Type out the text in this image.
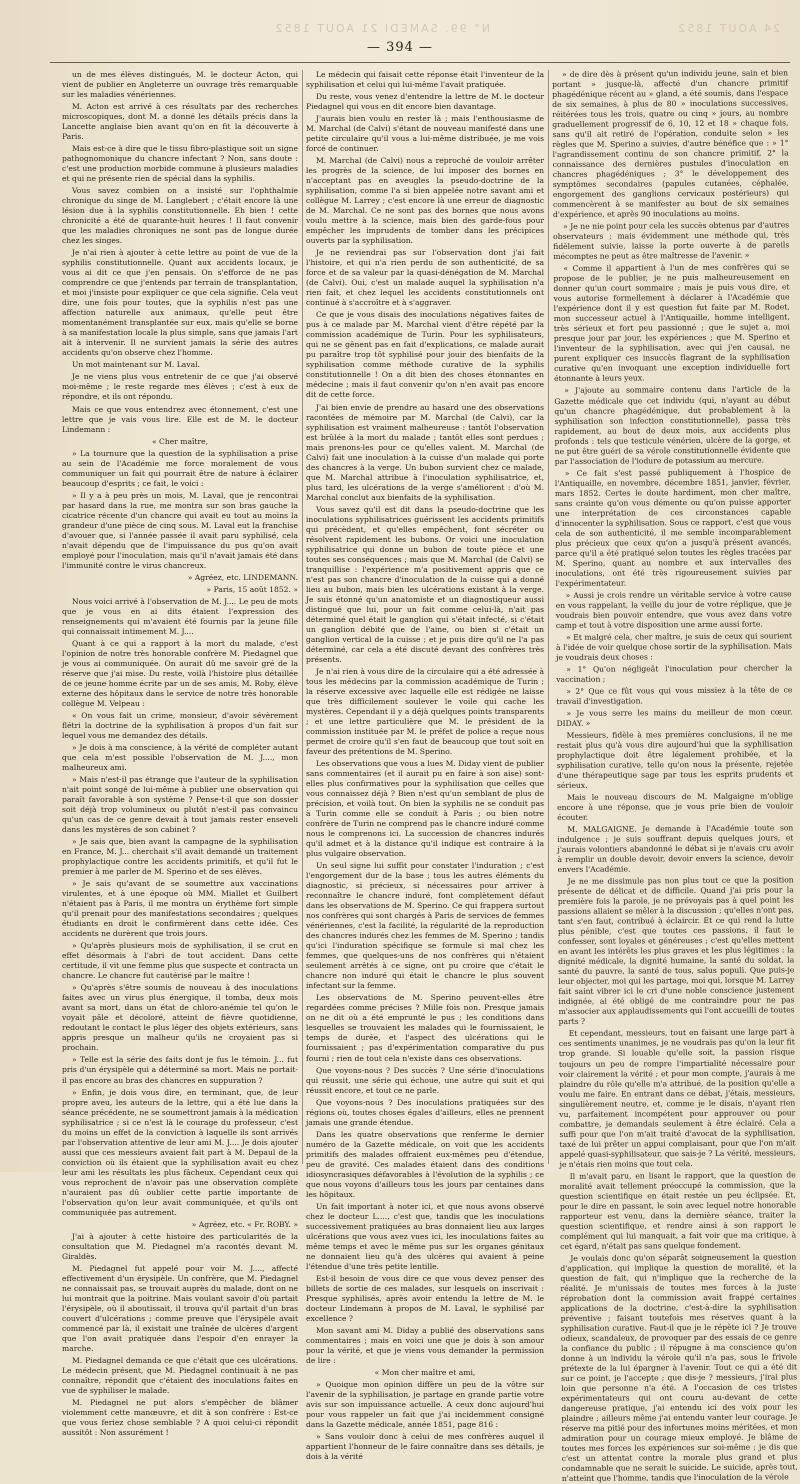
N° 99. SAMEDI 21 AOUT 1852	24 AOUT 1852
— 394 —

un de mes élèves distingués, M. le docteur Acton, qui vient de publier en Angleterre un ouvrage très remarquable sur les maladies vénériennes.

M. Acton est arrivé à ces résultats par des recherches microscopiques, dont M. a donné les détails précis dans la Lancette anglaise bien avant qu'on en fit la découverte à Paris.

Mais est-ce à dire que le tissu fibro-plastique soit un signe pathognomonique du chancre infectant ? Non, sans doute : c'est une production morbide commune à plusieurs maladies et qui ne présente rien de spécial dans la syphilis.

Vous savez combien on a insisté sur l'ophthalmie chronique du singe de M. Langlebert ; c'était encore là une lésion due à la syphilis constitutionnelle. Eh bien ! cette chronicité a été de quarante-huit heures ! Il faut convenir que les maladies chroniques ne sont pas de longue durée chez les singes.

Je n'ai rien à ajouter à cette lettre au point de vue de la syphilis constitutionnelle. Quant aux accidents locaux, je vous ai dit ce que j'en pensais. On s'efforce de ne pas comprendre ce que j'entends par terrain de transplantation, et moi j'insiste pour expliquer ce que cela signifie. Cela veut dire, une fois pour toutes, que la syphilis n'est pas une affection naturelle aux animaux, qu'elle peut être momentanément transplantée sur eux, mais qu'elle se borne à sa manifestation locale la plus simple, sans que jamais l'art ait à intervenir. Il ne survient jamais la série des autres accidents qu'on observe chez l'homme.

Un mot maintenant sur M. Laval.

Je ne viens plus vous entretenir de ce que j'ai observé moi-même ; le reste regarde mes élèves ; c'est à eux de répondre, et ils ont répondu.

Mais ce que vous entendrez avec étonnement, c'est une lettre que je vais vous lire. Elle est de M. le docteur Lindemann :

« Cher maître,

» La tournure que la question de la syphilisation a prise au sein de l'Académie me force moralement de vous communiquer un fait qui pourrait être de nature à éclairer beaucoup d'esprits ; ce fait, le voici :

» Il y a à peu près un mois, M. Laval, que je rencontrai par hasard dans la rue, me montra sur son bras gauche la cicatrice récente d'un chancre qui avait eu tout au moins la grandeur d'une pièce de cinq sous. M. Laval eut la franchise d'avouer que, si l'année passée il avait paru syphilisé, cela n'avait dépendu que de l'impuissance du pus qu'on avait employé pour l'inoculation, mais qu'il n'avait jamais été dans l'immunité contre le virus chancreux.

» Agréez, etc. LINDEMANN.

» Paris, 15 août 1852. »

Nous voici arrivé à l'observation de M. J.... Le peu de mots que je vous en ai dits étaient l'expression des renseignements qui m'avaient été fournis par la jeune fille qui connaissait intimement M. J....

Quant à ce qui a rapport à la mort du malade, c'est l'opinion de notre très honorable confrère M. Piedagnel que je vous ai communiquée. On aurait dû me savoir gré de la réserve que j'ai mise. Du reste, voilà l'histoire plus détaillée de ce jeune homme écrite par un de ses amis, M. Roby, élève externe des hôpitaux dans le service de notre très honorable collègue M. Velpeau :

« On vous fait un crime, monsieur, d'avoir sévèrement flétri la doctrine de la syphilisation à propos d'un fait sur lequel vous me demandez des détails.

» Je dois à ma conscience, à la vérité de compléter autant que cela m'est possible l'observation de M. J...., mon malheureux ami.

» Mais n'est-il pas étrange que l'auteur de la syphilisation n'ait point songé de lui-même à publier une observation qui paraît favorable à son système ? Pense-t-il que son dossier soit déjà trop volumineux ou plutôt n'est-il pas convaincu qu'un cas de ce genre devait à tout jamais rester enseveli dans les mystères de son cabinet ?

» Je sais que, bien avant la campagne de la syphilisation en France, M. J... cherchait s'il avait demandé un traitement prophylactique contre les accidents primitifs, et qu'il fut le premier à me parler de M. Sperino et de ses élèves.

» Je sais qu'avant de se soumettre aux vaccinations virulentes, et à une époque où MM. Miallet et Guilbert n'étaient pas à Paris, il me montra un érythème fort simple qu'il prenait pour des manifestations secondaires ; quelques étudiants en droit le confirmèrent dans cette idée. Ces accidents ne durèrent que trois jours.

» Qu'après plusieurs mois de syphilisation, il se crut en effet désormais à l'abri de tout accident. Dans cette certitude, il vit une femme plus que suspecte et contracta un chancre. Le chancre fut cautérisé par le maître !

» Qu'après s'être soumis de nouveau à des inoculations faites avec un virus plus énergique, il tomba, deux mois avant sa mort, dans un état de chloro-anémie tel qu'on le voyait pâle et décoloré, atteint de fièvre quotidienne, redoutant le contact le plus léger des objets extérieurs, sans appris presque un malheur qu'ils ne croyaient pas si prochain.

» Telle est la série des faits dont je fus le témoin. J... fut pris d'un érysipèle qui a déterminé sa mort. Mais ne portait-il pas encore au bras des chancres en suppuration ?

» Enfin, je dois vous dire, en terminant, que, de leur propre aveu, les auteurs de la lettre, qui a été lue dans la séance précédente, ne se soumettront jamais à la médication syphilisatrice ; si ce n'est là le courage du professeur, c'est du moins un effet de la conviction à laquelle ils sont arrivés par l'observation attentive de leur ami M. J.... Je dois ajouter aussi que ces messieurs avaient fait part à M. Depaul de la conviction où ils étaient que la syphilisation avait eu chez leur ami les résultats les plus fâcheux. Cependant ceux qui vous reprochent de n'avoir pas une observation complète n'auraient pas dû oublier cette partie importante de l'observation qu'on leur avait communiquée, et qu'ils ont communiquée pas autrement.

» Agréez, etc. « Fr. ROBY. »

J'ai à ajouter à cette histoire des particularités de la consultation que M. Piedagnel m'a racontés devant M. Giraldès.

M. Piedagnel fut appelé pour voir M. J...., affecté effectivement d'un érysipèle. Un confrère, que M. Piedagnel ne connaissait pas, se trouvait auprès du malade, dont on ne lui montrait que la poitrine. Mais voulant savoir d'où partait l'érysipèle, où il aboutissait, il trouva qu'il partait d'un bras couvert d'ulcérations ; comme preuve que l'érysipèle avait commencé par là, il existait une traînée de ulcères d'argent que l'on avait pratiquée dans l'espoir d'en enrayer la marche.

M. Piedagnel demanda ce que c'était que ces ulcérations. Le médecin présent, que M. Piedagnel continuait à ne pas connaître, répondit que c'étaient des inoculations faites en vue de syphiliser le malade.

M. Piedagnel ne put alors s'empêcher de blâmer violemment cette manœuvre, et dit à son confrère : Est-ce que vous feriez chose semblable ? A quoi celui-ci répondit aussitôt : Non assurément !

Le médecin qui faisait cette réponse était l'inventeur de la syphilisation et celui qui lui-même l'avait pratiquée.

Du reste, vous venez d'entendre la lettre de M. le docteur Piedagnel qui vous en dit encore bien davantage.

J'aurais bien voulu en rester là ; mais l'enthousiasme de M. Marchal (de Calvi) s'étant de nouveau manifesté dans une petite circulaire qu'il vous a lui-même distribuée, je me vois forcé de continuer.

M. Marchal (de Calvi) nous a reproché de vouloir arrêter les progrès de la science, de lui imposer des bornes en n'acceptant pas en aveugles la pseudo-doctrine de la syphilisation, comme l'a si bien appelée notre savant ami et collègue M. Larrey ; c'est encore là une erreur de diagnostic de M. Marchal. Ce ne sont pas des bornes que nous avons voulu mettre à la science, mais bien des garde-fous pour empêcher les imprudents de tomber dans les précipices ouverts par la syphilisation.

Je ne reviendrai pas sur l'observation dont j'ai fait l'histoire, et qui n'a rien perdu de son authenticité, de sa force et de sa valeur par la quasi-dénégation de M. Marchal (de Calvi). Oui, c'est un malade auquel la syphilisation n'a rien fait, et chez lequel les accidents constitutionnels ont continué à s'accroître et à s'aggraver.

Ce que je vous disais des inoculations négatives faites de pus à ce malade par M. Marchal vient d'être répété par la commission académique de Turin. Pour les syphilisateurs, qui ne se gênent pas en fait d'explications, ce malade aurait pu paraître trop tôt syphilisé pour jouir des bienfaits de la syphilisation comme méthode curative de la syphilis constitutionnelle ! On a dit bien des choses étonnantes en médecine ; mais il faut convenir qu'on n'en avait pas encore dit de cette force.

J'ai bien envie de prendre au hasard une des observations racontées de mémoire par M. Marchal (de Calvi), car la syphilisation est vraiment malheureuse : tantôt l'observation est brûlée à la mort du malade ; tantôt elles sont perdues ; mais prenons-les pour ce qu'elles valent. M. Marchal (de Calvi) fait une inoculation à la cuisse d'un malade qui porte des chancres à la verge. Un bubon survient chez ce malade, que M. Marchal attribue à l'inoculation syphilisatrice, et, plus tard, les ulcérations de la verge s'améliorent : d'où M. Marchal conclut aux bienfaits de la syphilisation.

Vous savez qu'il est dit dans la pseudo-doctrine que les inoculations syphilisatrices guérissent les accidents primitifs qui précèdent, et qu'elles empêchent, font sécréter ou résolvent rapidement les bubons. Or voici une inoculation syphilisatrice qui donne un bubon de toute pièce et une toutes ses conséquences ; mais que M. Marchal (de Calvi) se tranquillise : l'expérience m'a positivement appris que ce n'est pas son chancre d'inoculation de la cuisse qui a donné lieu au bubon, mais bien les ulcérations existant à la verge. Je suis étonné qu'un anatomiste et un diagnostiqueur aussi distingué que lui, pour un fait comme celui-là, n'ait pas déterminé quel était le ganglion qui s'était infecté, si c'était un ganglion débité que de l'aine, ou bien si c'était un ganglion vertical de la cuisse ; et je puis dire qu'il ne l'a pas déterminé, car cela a été discuté devant des confrères très présents.

Je n'ai rien à vous dire de la circulaire qui a été adressée à tous les médecins par la commission académique de Turin ; la réserve excessive avec laquelle elle est rédigée ne laisse que très difficilement soulever le voile qui cache les mystères. Cependant il y a déjà quelques points transparents ; et une lettre particulière que M. le président de la commission instituée par M. le préfet de police a reçue nous permet de croire qu'il s'en faut de beaucoup que tout soit en faveur des prétentions de M. Sperino.

Les observations que vous a lues M. Diday vient de publier sans commentaires (et il aurait pu en faire à son aise) sont-elles plus confirmatives pour la syphilisation que celles que vous connaissez déjà ? Bien n'est qu'un semblant de plus de précision, et voilà tout. On bien la syphilis ne se conduit pas à Turin comme elle se conduit à Paris ; ou bien notre confrère de Turin ne comprend pas le chancre induré comme nous le comprenons ici. La succession de chancres indurés qu'il admet et à la distance qu'il indique est contraire à la plus vulgaire observation.

Un seul signe lui suffit pour constater l'induration ; c'est l'engorgement dur de la base ; tous les autres éléments du diagnostic, si précieux, si nécessaires pour arriver à reconnaître le chancre induré, font complètement défaut dans les observations de M. Sperino. Ce qui frappera surtout nos confrères qui sont chargés à Paris de services de femmes vénériennes, c'est la facilité, la régularité de la reproduction des chancres indurés chez les femmes de M. Sperino ; tandis qu'ici l'induration spécifique se formule si mal chez les femmes, que quelques-uns de nos confrères qui n'étaient seulement arrêtés à ce signe, ont pu croire que c'était le chancre non induré qui était le chancre le plus souvent infectant sur la femme.

Les observations de M. Sperino peuvent-elles être regardées comme précises ? Mille fois non. Presque jamais on ne dit où a été emprunté le pus ; les conditions dans lesquelles se trouvaient les malades qui le fournissaient, le temps de durée, et l'aspect des ulcérations qui le fournissaient ; pas d'expérimentation comparative du pus fourni ; rien de tout cela n'existe dans ces observations.

Que voyons-nous ? Des succès ? Une série d'inoculations qui réussit, une série qui échoue, une autre qui suit et qui réussit encore, et tout ce ne parle.

Que voyons-nous ? Des inoculations pratiquées sur des régions où, toutes choses égales d'ailleurs, elles ne prennent jamais une grande étendue.

Dans les quatre observations que renferme le dernier numéro de la Gazette médicale, on voit que les accidents primitifs des malades offraient eux-mêmes peu d'étendue, peu de gravité. Ces malades étaient dans des conditions idiosyncrasiques défavorables à l'évolution de la syphilis ; ce que nous voyons d'ailleurs tous les jours par centaines dans les hôpitaux.

Un fait important à noter ici, et que nous avons observé chez le docteur L...., c'est que, tandis que les inoculations successivement pratiquées au bras donnaient lieu aux larges ulcérations que vous avez vues ici, les inoculations faites au même temps et avec le même pus sur les organes génitaux ne donnaient lieu qu'à des ulcères qui avaient à peine l'étendue d'une très petite lentille.

Est-il besoin de vous dire ce que vous devez penser des billets de sortie de ces malades, sur lesquels on inscrivait : Presque syphilisés, après avoir entendu la lettre de M. le docteur Lindemann à propos de M. Laval, le syphilisé par excellence ?

Mon savant ami M. Diday a publié des observations sans commentaires ; mais en voici une que je dois à son amour pour la vérité, et que je viens vous demander la permission de lire :

« Mon cher maître et ami,

» Quoique mon opinion diffère un peu de la vôtre sur l'avenir de la syphilisation, je partage en grande partie votre avis sur son impuissance actuelle. A ceux donc aujourd'hui pour vous rappeler un fait que j'ai incidemment consigné dans la Gazette médicale, année 1851, page 816 :

» Sans vouloir donc à celui de mes confrères auquel il appartient l'honneur de le faire connaître dans ses détails, je dois à la vérité

» de dire dès à présent qu'un individu jeune, sain et bien portant » jusque-là, affecté d'un chancre primitif phagédénique récent au » gland, a été soumis, dans l'espace de six semaines, à plus de 80 » inoculations successives, réitérées tous les trois, quatre ou cinq » jours, au nombre graduellement progressif de 6, 10, 12 et 18 » chaque fois, sans qu'il ait retiré de l'opération, conduite selon » les règles que M. Sperino a suivies, d'autre bénéfice que : » 1° l'agrandissement continu de son chancre primitif, 2° la connaissance des dernières pustules d'inoculation en chancres phagédéniques ; 3° le développement des symptômes secondaires (papules cutanées, céphalée, engorgement des ganglions cervicaux postérieurs) qui commencèrent à se manifester au bout de six semaines d'expérience, et après 90 inoculations au moins.

» Je ne nie point pour cela les succès obtenus par d'autres observateurs ; mais évidemment une méthode qui, très fidèlement suivie, laisse la porte ouverte à de pareils mécomptes ne peut as être maîtresse de l'avenir. »

« Comme il appartient à l'un de mes confrères qui se propose de le publier, je ne puis malheureusement en donner qu'un court sommaire ; mais je puis vous dire, et vous autorise formellement à déclarer à l'Académie que l'expérience dont il y est question fut faite par M. Rodet, mon successeur actuel à l'Antiquaille, homme intelligent, très sérieux et fort peu passionné ; que le sujet a, moi presque jour par jour, les expériences ; que M. Sperino et l'inventeur de la syphilisation, avec qui j'en causai, ne purent expliquer ces insuccès flagrant de la syphilisation curative qu'en invoquant une exception individuelle fort étonnante à leurs yeux.

» J'ajoute au sommaire contenu dans l'article de la Gazette médicale que cet individu (qui, n'ayant au début qu'un chancre phagédénique, dut probablement à la syphilisation son infection constitutionnelle), passa très rapidement, au bout de deux mois, aux accidents plus profonds : tels que testicule vénérien, ulcère de la gorge, et ne put être guéri de sa vérole constitutionnelle évidente que par l'association de l'iodure de potassium au mercure.

» Ce fait s'est passé publiquement à l'hospice de l'Antiquaille, en novembre, décembre 1851, janvier, février, mars 1852. Certes le doute hardiment, mon cher maître, sans crainte qu'on vous démente ou qu'on puisse apporter une interprétation de ces circonstances capable d'innocenter la syphilisation. Sous ce rapport, c'est que vous cela de son authenticité, il me semble incomparablement plus précieux que ceux qu'on a jusqu'à présent avancés, parce qu'il a été pratiqué selon toutes les règles tracées par M. Sperino, quant au nombre et aux intervalles des inoculations, ont été très rigoureusement suivies par l'expérimentateur.

» Aussi je crois rendre un véritable service à votre cause en vous rappelant, la veille du jour de votre réplique, que je voudrais bien pouvoir entendre, que vous avez dans votre camp et tout à votre disposition une arme aussi forte.

» Et malgré cela, cher maître, je suis de ceux qui sourient à l'idée de voir quelque chose sortir de la syphilisation. Mais je voudrais deux choses :

» 1° Qu'on négligeât l'inoculation pour chercher la vaccination ;

» 2° Que ce fût vous qui vous missiez à la tête de ce travail d'investigation.

» Je vous serre les mains du meilleur de mon cœur. DIDAY. »

Messieurs, fidèle à mes premières conclusions, il ne me restait plus qu'à vous dire aujourd'hui que la syphilisation prophylactique doit être légalement prohibée, et la syphilisation curative, telle qu'on nous la présente, rejetée d'une thérapeutique sage par tous les esprits prudents et sérieux.

Mais le nouveau discours de M. Malgaigne m'oblige encore à une réponse, que je vous prie bien de vouloir écouter.

M. MALGAIGNE. Je demande à l'Académie toute son indulgence ; je suis souffrant depuis quelques jours, et j'aurais volontiers abandonné le débat si je n'avais cru avoir à remplir un double devoir, devoir envers la science, devoir envers l'Académie.

Je ne me dissimule pas non plus tout ce que la position présente de délicat et de difficile. Quand j'ai pris pour la première fois la parole, je ne prévoyais pas à quel point les passions allaient se mêler à la discussion ; qu'elles n'ont pas, tant s'en faut, contribué à éclaircir. Et ce qui rend la lutte plus pénible, c'est que toutes ces passions, il faut le confesser, sont loyales et généreuses ; c'est qu'elles mettent en avant les intérêts les plus graves et les plus légitimes : la dignité médicale, la dignité humaine, la santé du soldat, la santé du pauvre, la santé de tous, salus populi. Que puis-je leur objecter, moi qui les partage, moi qui, lorsque M. Larrey fait saint vibrer ici le cri d'une noble conscience justement indignée, ai été obligé de me contraindre pour ne pas m'associer aux applaudissements qui l'ont accueilli de toutes parts ?

Et cependant, messieurs, tout en faisant une large part à ces sentiments unanimes, je ne voudrais pas qu'on la leur fit trop grande. Si louable qu'elle soit, la passion risque toujours un peu de rompre l'impartialité nécessaire pour voir clairement la vérité ; et pour mon compte, j'aurais à me plaindre du rôle qu'elle m'a attribué, de la position qu'elle a voulu me faire. En entrant dans ce débat, j'étais, messieurs, singulièrement neutre, et, comme je le disais, n'ayant rien vu, parfaitement incompétent pour approuver ou pour combattre, je demandais seulement à être éclairé. Cela a suffi pour que l'on m'ait traité d'avocat de la syphilisation, taxé de lui prêter un appui complaisant, pour que l'on m'ait appelé quasi-syphilisateur, que sais-je ? La vérité, messieurs, je n'étais rien moins que tout cela.

Il m'avait paru, en lisant le rapport, que la question de moralité avait tellement préoccupé la commission, que la question scientifique en était restée un peu éclipsée. Et, pour le dire en passant, le soin avec lequel notre honorable rapporteur est venu, dans la dernière séance, traiter la question scientifique, et rendre ainsi à son rapport le complément qui lui manquait, a fait voir que ma critique, à cet égard, n'était pas sans quelque fondement.

Je voulais donc qu'on séparât soigneusement la question d'application, qui implique la question de moralité, et la question de fait, qui n'implique que la recherche de la réalité. Je m'unissais de toutes mes forces à la juste réprobation dont la commission avait frappé certaines applications de la doctrine, c'est-à-dire la syphilisation préventive ; faisant toutefois mes réserves quant à la syphilisation curative. Faut-il que je le répète ici ? Je trouve odieux, scandaleux, de provoquer par des essais de ce genre la confiance du public ; il répugne à ma conscience qu'on donne à un individu la vérole qu'il n'a pas, sous le frivole prétexte de la lui épargner à l'avenir. Tout ce qui a été dit sur ce point, je l'accepte ; que dis-je ? messieurs, j'irai plus loin que personne n'a été. A l'occasion de ces tristes expérimentateurs qui ont couru au-devant de cette dangereuse pratique, j'ai entendu ici des voix pour les plaindre ; ailleurs même j'ai entendu vanter leur courage. Je réserve ma pitié pour des infortunes moins méritées, et mon admiration pour un courage mieux employé. Je blâme de toutes mes forces les expériences sur soi-même ; je dis que c'est un attentat contre la morale plus grand et plus condamnable que ne serait le suicide. Le suicide, après tout, n'atteint que l'homme, tandis que l'inoculation de la vérole
